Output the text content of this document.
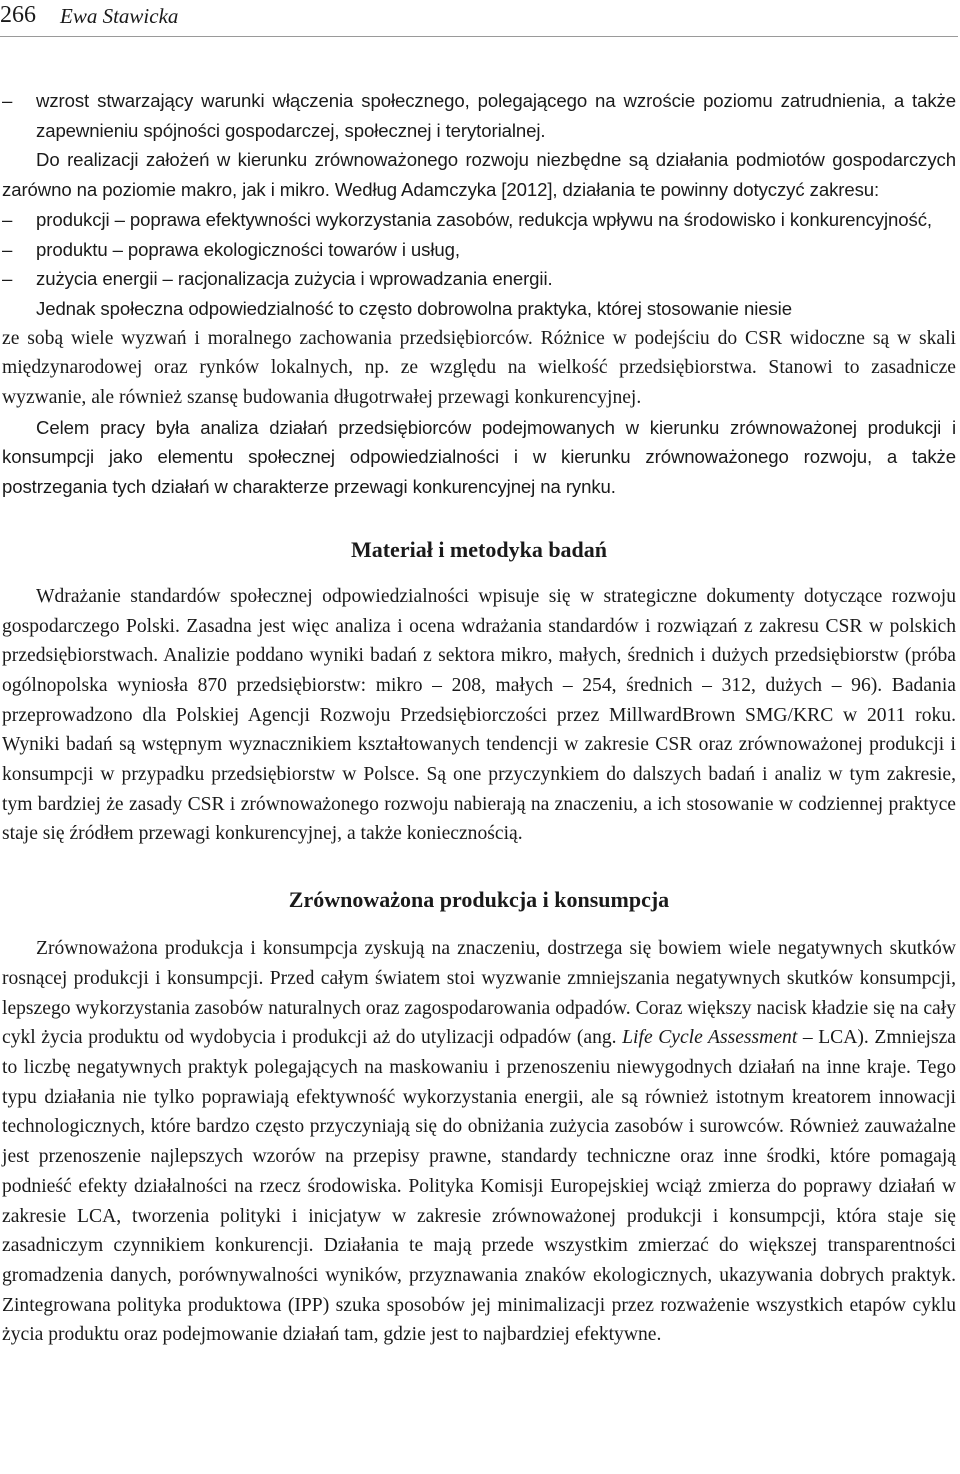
266 Ewa Stawicka

– wzrost stwarzający warunki włączenia społecznego, polegającego na wzroście poziomu zatrudnienia, a także zapewnieniu spójności gospodarczej, społecznej i terytorialnej.

Do realizacji założeń w kierunku zrównoważonego rozwoju niezbędne są działania podmiotów gospodarczych zarówno na poziomie makro, jak i mikro. Według Adamczyka [2012], działania te powinny dotyczyć zakresu:

– produkcji – poprawa efektywności wykorzystania zasobów, redukcja wpływu na środowisko i konkurencyjność,

– produktu – poprawa ekologiczności towarów i usług,

– zużycia energii – racjonalizacja zużycia i wprowadzania energii.

Jednak społeczna odpowiedzialność to często dobrowolna praktyka, której stosowanie niesie

ze sobą wiele wyzwań i moralnego zachowania przedsiębiorców. Różnice w podejściu do CSR widoczne są w skali międzynarodowej oraz rynków lokalnych, np. ze względu na wielkość przedsiębiorstwa. Stanowi to zasadnicze wyzwanie, ale również szansę budowania długotrwałej przewagi konkurencyjnej.

Celem pracy była analiza działań przedsiębiorców podejmowanych w kierunku zrównoważonej produkcji i konsumpcji jako elementu społecznej odpowiedzialności i w kierunku zrównoważonego rozwoju, a także postrzegania tych działań w charakterze przewagi konkurencyjnej na rynku.

Materiał i metodyka badań

Wdrażanie standardów społecznej odpowiedzialności wpisuje się w strategiczne dokumenty dotyczące rozwoju gospodarczego Polski. Zasadna jest więc analiza i ocena wdrażania standardów i rozwiązań z zakresu CSR w polskich przedsiębiorstwach. Analizie poddano wyniki badań z sektora mikro, małych, średnich i dużych przedsiębiorstw (próba ogólnopolska wyniosła 870 przedsiębiorstw: mikro – 208, małych – 254, średnich – 312, dużych – 96). Badania przeprowadzono dla Polskiej Agencji Rozwoju Przedsiębiorczości przez MillwardBrown SMG/KRC w 2011 roku. Wyniki badań są wstępnym wyznacznikiem kształtowanych tendencji w zakresie CSR oraz zrównoważonej produkcji i konsumpcji w przypadku przedsiębiorstw w Polsce. Są one przyczynkiem do dalszych badań i analiz w tym zakresie, tym bardziej że zasady CSR i zrównoważonego rozwoju nabierają na znaczeniu, a ich stosowanie w codziennej praktyce staje się źródłem przewagi konkurencyjnej, a także koniecznością.

Zrównoważona produkcja i konsumpcja

Zrównoważona produkcja i konsumpcja zyskują na znaczeniu, dostrzega się bowiem wiele negatywnych skutków rosnącej produkcji i konsumpcji. Przed całym światem stoi wyzwanie zmniejszania negatywnych skutków konsumpcji, lepszego wykorzystania zasobów naturalnych oraz zagospodarowania odpadów. Coraz większy nacisk kładzie się na cały cykl życia produktu od wydobycia i produkcji aż do utylizacji odpadów (ang. Life Cycle Assessment – LCA). Zmniejsza to liczbę negatywnych praktyk polegających na maskowaniu i przenoszeniu niewygodnych działań na inne kraje. Tego typu działania nie tylko poprawiają efektywność wykorzystania energii, ale są również istotnym kreatorem innowacji technologicznych, które bardzo często przyczyniają się do obniżania zużycia zasobów i surowców. Również zauważalne jest przenoszenie najlepszych wzorów na przepisy prawne, standardy techniczne oraz inne środki, które pomagają podnieść efekty działalności na rzecz środowiska. Polityka Komisji Europejskiej wciąż zmierza do poprawy działań w zakresie LCA, tworzenia polityki i inicjatyw w zakresie zrównoważonej produkcji i konsumpcji, która staje się zasadniczym czynnikiem konkurencji. Działania te mają przede wszystkim zmierzać do większej transparentności gromadzenia danych, porównywalności wyników, przyznawania znaków ekologicznych, ukazywania dobrych praktyk. Zintegrowana polityka produktowa (IPP) szuka sposobów jej minimalizacji przez rozważenie wszystkich etapów cyklu życia produktu oraz podejmowanie działań tam, gdzie jest to najbardziej efektywne.
